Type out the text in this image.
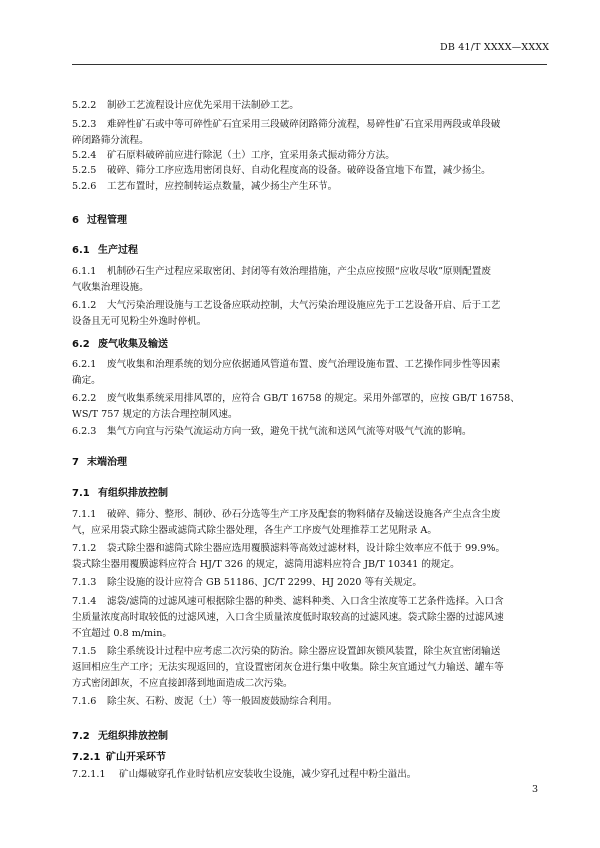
DB 41/T XXXX—XXXX
5.2.2 制砂工艺流程设计应优先采用干法制砂工艺。
5.2.3 难碎性矿石或中等可碎性矿石宜采用三段破碎闭路筛分流程，易碎性矿石宜采用两段或单段破
碎闭路筛分流程。
5.2.4 矿石原料破碎前应进行除泥（土）工序，宜采用条式振动筛分方法。
5.2.5 破碎、筛分工序应选用密闭良好、自动化程度高的设备。破碎设备宜地下布置，减少扬尘。
5.2.6 工艺布置时，应控制转运点数量，减少扬尘产生环节。
6 过程管理
6.1 生产过程
6.1.1 机制砂石生产过程应采取密闭、封闭等有效治理措施，产尘点应按照“应收尽收”原则配置废
气收集治理设施。
6.1.2 大气污染治理设施与工艺设备应联动控制，大气污染治理设施应先于工艺设备开启、后于工艺
设备且无可见粉尘外逸时停机。
6.2 废气收集及输送
6.2.1 废气收集和治理系统的划分应依据通风管道布置、废气治理设施布置、工艺操作同步性等因素
确定。
6.2.2 废气收集系统采用排风罩的，应符合 GB/T 16758 的规定。采用外部罩的，应按 GB/T 16758、
WS/T 757 规定的方法合理控制风速。
6.2.3 集气方向宜与污染气流运动方向一致，避免干扰气流和送风气流等对吸气气流的影响。
7 末端治理
7.1 有组织排放控制
7.1.1 破碎、筛分、整形、制砂、砂石分选等生产工序及配套的物料储存及输送设施各产尘点含尘废
气，应采用袋式除尘器或滤筒式除尘器处理，各生产工序废气处理推荐工艺见附录 A。
7.1.2 袋式除尘器和滤筒式除尘器应选用覆膜滤料等高效过滤材料，设计除尘效率应不低于 99.9%。
袋式除尘器用覆膜滤料应符合 HJ/T 326 的规定，滤筒用滤料应符合 JB/T 10341 的规定。
7.1.3 除尘设施的设计应符合 GB 51186、JC/T 2299、HJ 2020 等有关规定。
7.1.4 滤袋/滤筒的过滤风速可根据除尘器的种类、滤料种类、入口含尘浓度等工艺条件选择。入口含
尘质量浓度高时取较低的过滤风速，入口含尘质量浓度低时取较高的过滤风速。袋式除尘器的过滤风速
不宜超过 0.8 m/min。
7.1.5 除尘系统设计过程中应考虑二次污染的防治。除尘器应设置卸灰锁风装置，除尘灰宜密闭输送
返回相应生产工序；无法实现返回的，宜设置密闭灰仓进行集中收集。除尘灰宜通过气力输送、罐车等
方式密闭卸灰，不应直接卸落到地面造成二次污染。
7.1.6 除尘灰、石粉、废泥（土）等一般固废鼓励综合利用。
7.2 无组织排放控制
7.2.1 矿山开采环节
7.2.1.1 矿山爆破穿孔作业时钻机应安装收尘设施，减少穿孔过程中粉尘溢出。
3
